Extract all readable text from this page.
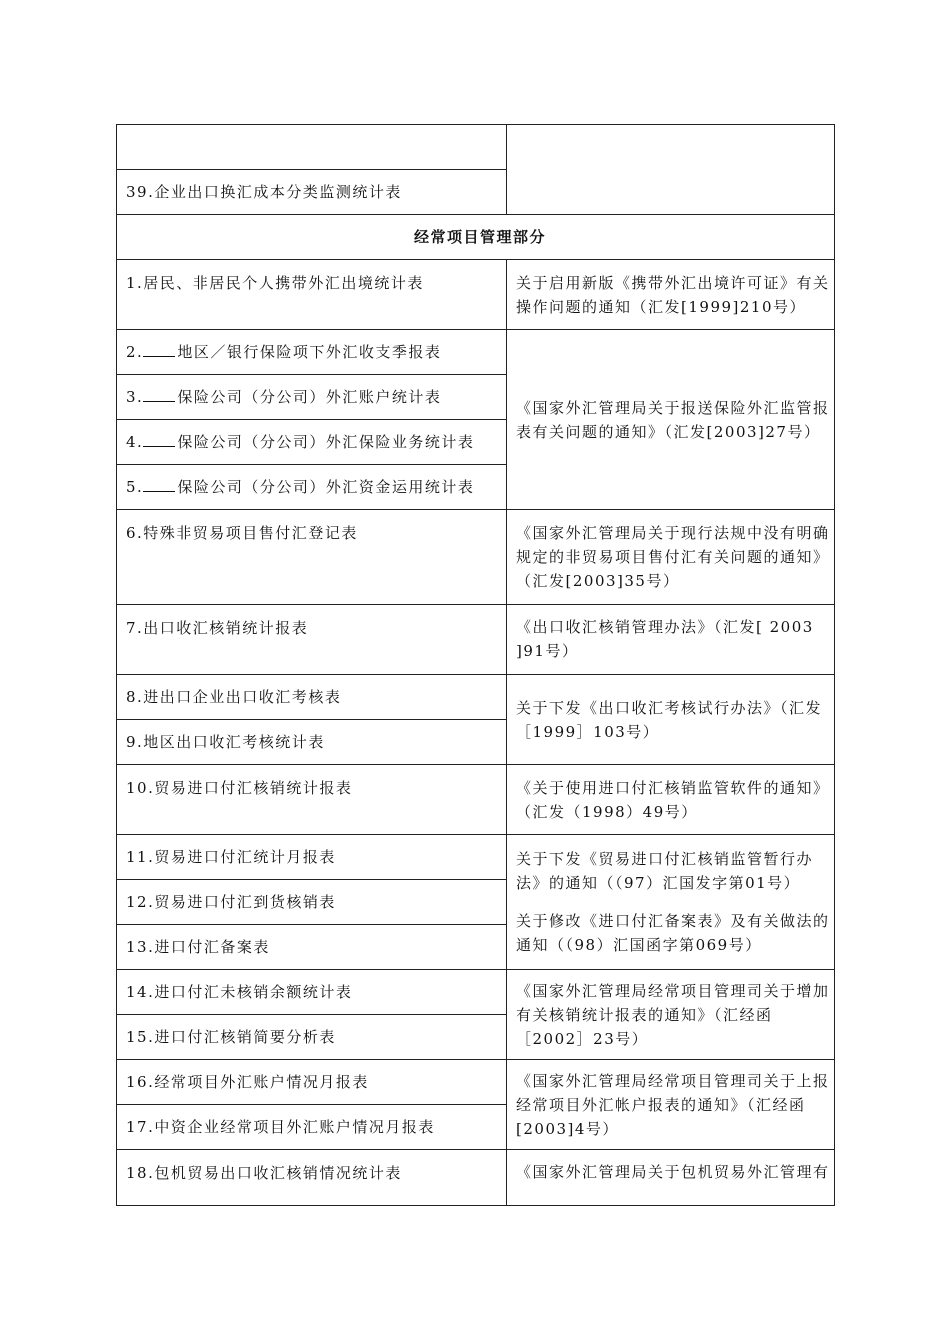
39.企业出口换汇成本分类监测统计表	
经常项目管理部分	
1.居民、非居民个人携带外汇出境统计表	关于启用新版《携带外汇出境许可证》有关操作问题的通知（汇发[1999]210号）
2. 地区／银行保险项下外汇收支季报表	《国家外汇管理局关于报送保险外汇监管报表有关问题的通知》（汇发[2003]27号）
3. 保险公司（分公司）外汇账户统计表	
4. 保险公司（分公司）外汇保险业务统计表	
5. 保险公司（分公司）外汇资金运用统计表	
6.特殊非贸易项目售付汇登记表	《国家外汇管理局关于现行法规中没有明确规定的非贸易项目售付汇有关问题的通知》（汇发[2003]35号）
7.出口收汇核销统计报表	《出口收汇核销管理办法》（汇发[ 2003 ]91号）
8.进出口企业出口收汇考核表	关于下发《出口收汇考核试行办法》（汇发［1999］103号）
9.地区出口收汇考核统计表	
10.贸易进口付汇核销统计报表	《关于使用进口付汇核销监管软件的通知》（汇发（1998）49号）
11.贸易进口付汇统计月报表	关于下发《贸易进口付汇核销监管暂行办法》的通知（（97）汇国发字第01号）
关于修改《进口付汇备案表》及有关做法的通知（（98）汇国函字第069号）

12.贸易进口付汇到货核销表	
13.进口付汇备案表	
14.进口付汇未核销余额统计表	《国家外汇管理局经常项目管理司关于增加有关核销统计报表的通知》（汇经函［2002］23号）
15.进口付汇核销简要分析表	
16.经常项目外汇账户情况月报表	《国家外汇管理局经常项目管理司关于上报经常项目外汇帐户报表的通知》（汇经函[2003]4号）
17.中资企业经常项目外汇账户情况月报表	
18.包机贸易出口收汇核销情况统计表	《国家外汇管理局关于包机贸易外汇管理有
